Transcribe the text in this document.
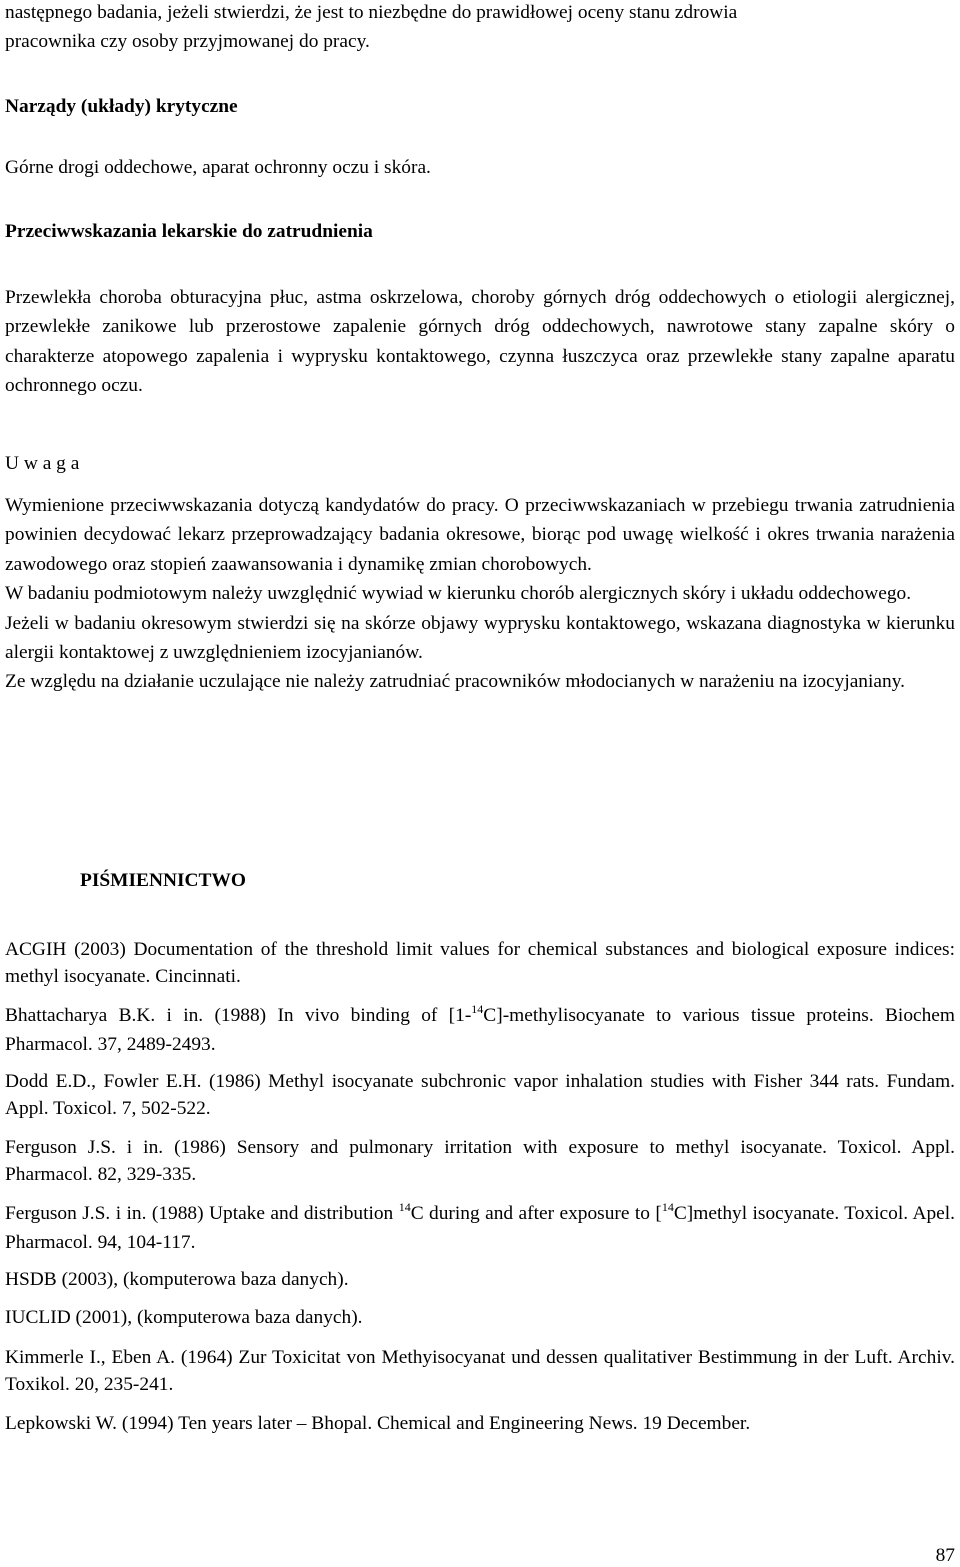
następnego badania, jeżeli stwierdzi, że jest to niezbędne do prawidłowej oceny stanu zdrowia

pracownika czy osoby przyjmowanej do pracy.

Narządy (układy) krytyczne

Górne drogi oddechowe, aparat ochronny oczu i skóra.

Przeciwwskazania lekarskie do zatrudnienia

Przewlekła choroba obturacyjna płuc, astma oskrzelowa, choroby górnych dróg oddechowych o etiologii alergicznej, przewlekłe zanikowe lub przerostowe zapalenie górnych dróg oddechowych, nawrotowe stany zapalne skóry o charakterze atopowego zapalenia i wyprysku kontaktowego, czynna łuszczyca oraz przewlekłe stany zapalne aparatu ochronnego oczu.

U w a g a

Wymienione przeciwwskazania dotyczą kandydatów do pracy. O przeciwwskazaniach w przebiegu trwania zatrudnienia powinien decydować lekarz przeprowadzający badania okresowe, biorąc pod uwagę wielkość i okres trwania narażenia zawodowego oraz stopień zaawansowania i dynamikę zmian chorobowych.

W badaniu podmiotowym należy uwzględnić wywiad w kierunku chorób alergicznych skóry i układu oddechowego.

Jeżeli w badaniu okresowym stwierdzi się na skórze objawy wyprysku kontaktowego, wskazana diagnostyka w kierunku alergii kontaktowej z uwzględnieniem izocyjanianów.

Ze względu na działanie uczulające nie należy zatrudniać pracowników młodocianych w narażeniu na izocyjaniany.

PIŚMIENNICTWO

ACGIH (2003) Documentation of the threshold limit values for chemical substances and biological exposure indices: methyl isocyanate. Cincinnati.

Bhattacharya B.K. i in. (1988) In vivo binding of [1-$^{14}$C]-methylisocyanate to various tissue proteins. Biochem Pharmacol. 37, 2489-2493.

Dodd E.D., Fowler E.H. (1986) Methyl isocyanate subchronic vapor inhalation studies with Fisher 344 rats. Fundam. Appl. Toxicol. 7, 502-522.

Ferguson J.S. i in. (1986) Sensory and pulmonary irritation with exposure to methyl isocyanate. Toxicol. Appl. Pharmacol. 82, 329-335.

Ferguson J.S. i in. (1988) Uptake and distribution $^{14}$C during and after exposure to [$^{14}$C]methyl isocyanate. Toxicol. Apel. Pharmacol. 94, 104-117.

HSDB (2003), (komputerowa baza danych).

IUCLID (2001), (komputerowa baza danych).

Kimmerle I., Eben A. (1964) Zur Toxicitat von Methyisocyanat und dessen qualitativer Bestimmung in der Luft. Archiv. Toxikol. 20, 235-241.

Lepkowski W. (1994) Ten years later – Bhopal. Chemical and Engineering News. 19 December.

87
